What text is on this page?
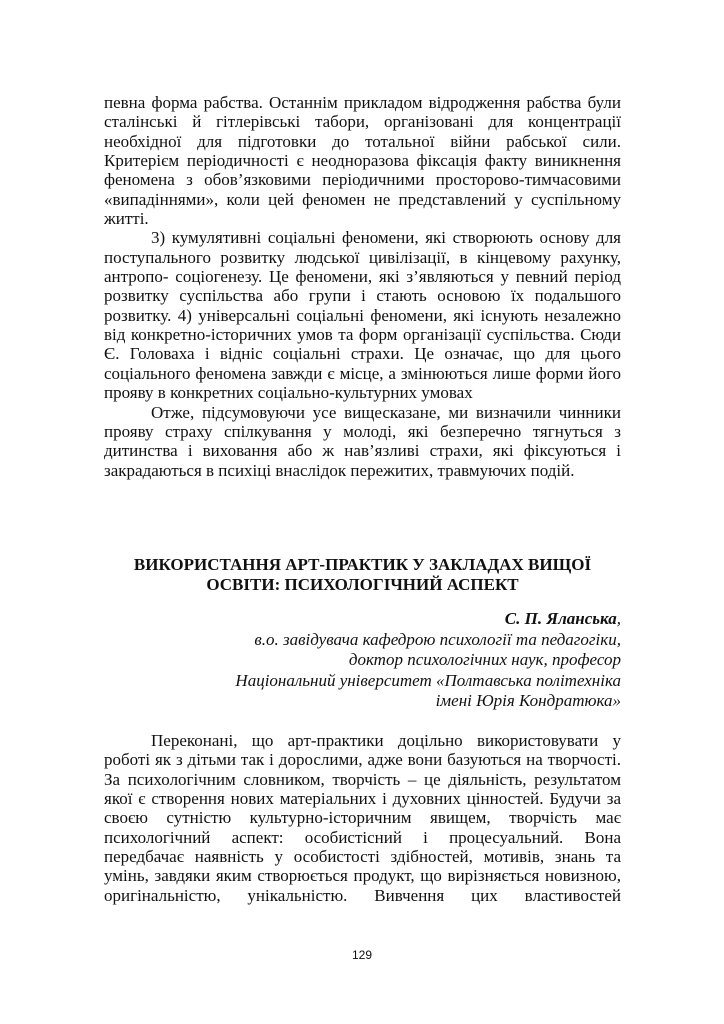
певна форма рабства. Останнім прикладом відродження рабства були
сталінські й гітлерівські табори, організовані для концентрації
необхідної для підготовки до тотальної війни рабської сили.
Критерієм періодичності є неодноразова фіксація факту виникнення
феномена з обов’язковими періодичними просторово-тимчасовими
«випадіннями», коли цей феномен не представлений у суспільному
житті.
3) кумулятивні соціальні феномени, які створюють основу для
поступального розвитку людської цивілізації, в кінцевому рахунку,
антропо- соціогенезу. Це феномени, які з’являються у певний період
розвитку суспільства або групи і стають основою їх подальшого
розвитку. 4) універсальні соціальні феномени, які існують незалежно
від конкретно-історичних умов та форм організації суспільства. Сюди
Є. Головаха і відніс соціальні страхи. Це означає, що для цього
соціального феномена завжди є місце, а змінюються лише форми його
прояву в конкретних соціально-культурних умовах
Отже, підсумовуючи усе вищесказане, ми визначили чинники
прояву страху спілкування у молоді, які безперечно тягнуться з
дитинства і виховання або ж нав’язливі страхи, які фіксуються і
закрадаються в психіці внаслідок пережитих, травмуючих подій.
ВИКОРИСТАННЯ АРТ-ПРАКТИК У ЗАКЛАДАХ ВИЩОЇ
ОСВІТИ: ПСИХОЛОГІЧНИЙ АСПЕКТ
С. П. Яланська,
в.о. завідувача кафедрою психології та педагогіки,
доктор психологічних наук, професор
Національний університет «Полтавська політехніка
імені Юрія Кондратюка»
Переконані, що арт-практики доцільно використовувати у
роботі як з дітьми так і дорослими, адже вони базуються на творчості.
За психологічним словником, творчість – це діяльність, результатом
якої є створення нових матеріальних і духовних цінностей. Будучи за
своєю сутністю культурно-історичним явищем, творчість має
психологічний аспект: особистісний і процесуальний. Вона
передбачає наявність у особистості здібностей, мотивів, знань та
умінь, завдяки яким створюється продукт, що вирізняється новизною,
оригінальністю, унікальністю. Вивчення цих властивостей
129
